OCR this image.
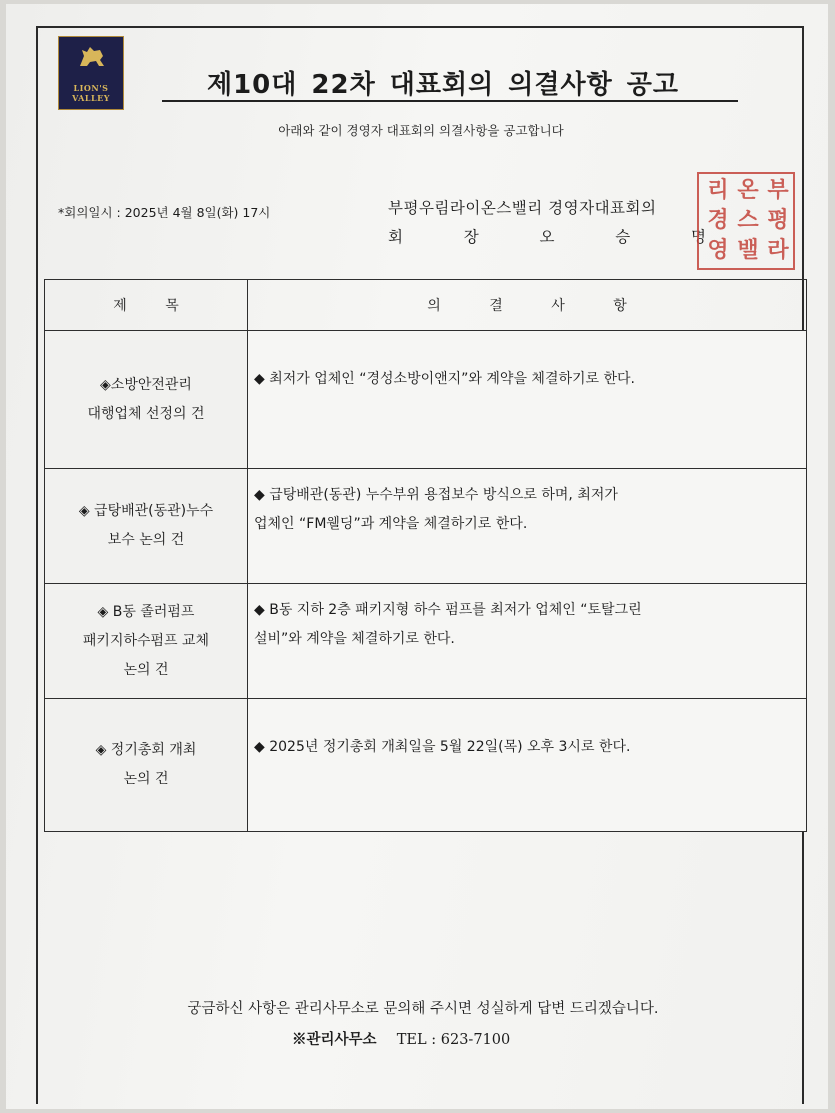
LION'S
VALLEY	제10대 22차 대표회의 의결사항 공고
아래와 같이 경영자 대표회의 의결사항을 공고합니다
*회의일시 : 2025년 4월 8일(화) 17시	부평우림라이온스밸리 경영자대표회의
회	장	오	승	명
부
평
라
온
스
밸
리
경
영
제 목	의 결 사 항

◈소방안전관리
대행업체 선정의 건	◆ 최저가 업체인 “경성소방이앤지”와 계약을 체결하기로 한다.

◈ 급탕배관(동관)누수
보수 논의 건	◆ 급탕배관(동관) 누수부위 용접보수 방식으로 하며, 최저가
업체인 “FM웰딩”과 계약을 체결하기로 한다.

◈ B동 졸러펌프
패키지하수펌프 교체
논의 건	◆ B동 지하 2층 패키지형 하수 펌프를 최저가 업체인 “토탈그린
설비”와 계약을 체결하기로 한다.

◈ 정기총회 개최
논의 건	◆ 2025년 정기총회 개최일을 5월 22일(목) 오후 3시로 한다.
궁금하신 사항은 관리사무소로 문의해 주시면 성실하게 답변 드리겠습니다.
※관리사무소 TEL : 623-7100
